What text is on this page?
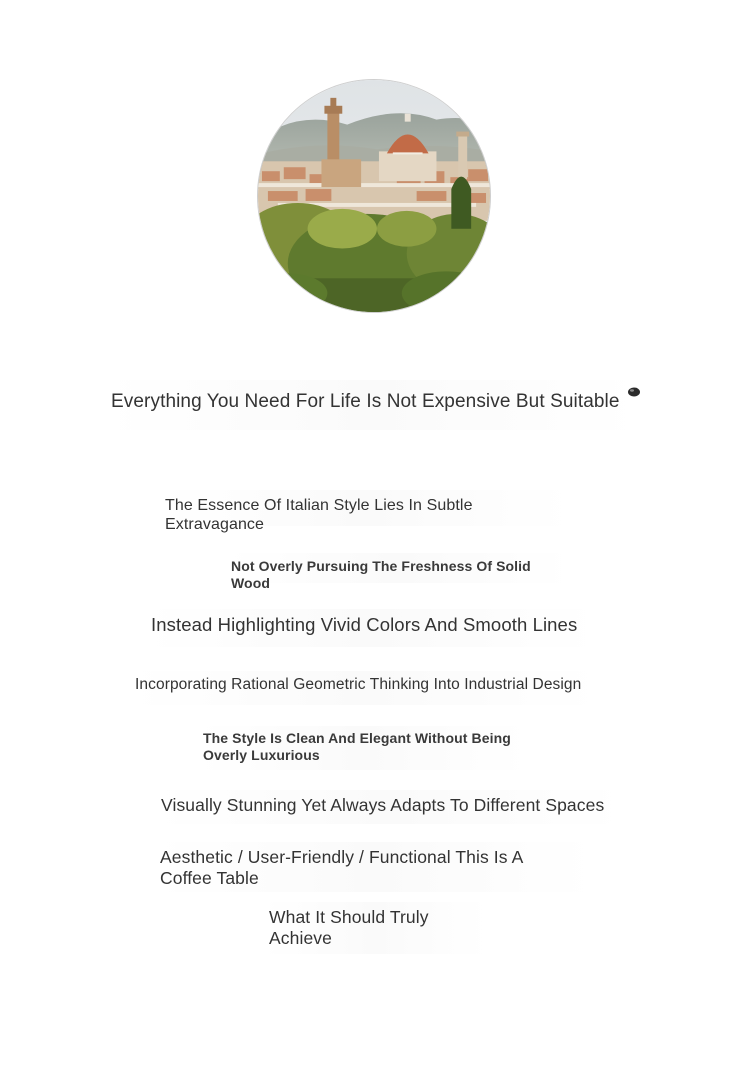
Everything You Need For Life Is Not Expensive But Suitable

The Essence Of Italian Style Lies In Subtle Extravagance

Not Overly Pursuing The Freshness Of Solid Wood

Instead Highlighting Vivid Colors And Smooth Lines

Incorporating Rational Geometric Thinking Into Industrial Design

The Style Is Clean And Elegant Without Being
Overly Luxurious

Visually Stunning Yet Always Adapts To Different Spaces

Aesthetic / User-Friendly / Functional This Is A
Coffee Table

What It Should Truly
Achieve
